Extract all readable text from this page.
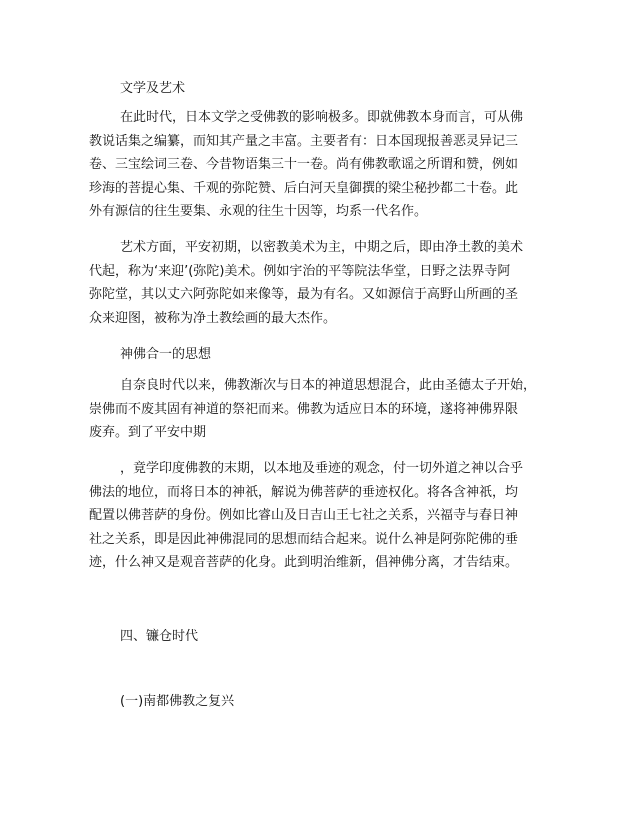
文学及艺术
在此时代，日本文学之受佛教的影响极多。即就佛教本身而言，可从佛
教说话集之编纂，而知其产量之丰富。主要者有：日本国现报善恶灵异记三
卷、三宝绘词三卷、今昔物语集三十一卷。尚有佛教歌谣之所谓和赞，例如
珍海的菩提心集、千观的弥陀赞、后白河天皇御撰的梁尘秘抄都二十卷。此
外有源信的往生要集、永观的往生十因等，均系一代名作。
艺术方面，平安初期，以密教美术为主，中期之后，即由净土教的美术
代起，称为‘来迎’(弥陀)美术。例如宇治的平等院法华堂，日野之法界寺阿
弥陀堂，其以丈六阿弥陀如来像等，最为有名。又如源信于高野山所画的圣
众来迎图，被称为净土教绘画的最大杰作。
神佛合一的思想
自奈良时代以来，佛教渐次与日本的神道思想混合，此由圣德太子开始，
崇佛而不废其固有神道的祭祀而来。佛教为适应日本的环境，遂将神佛界限
废弃。到了平安中期
，竟学印度佛教的末期，以本地及垂迹的观念，付一切外道之神以合乎
佛法的地位，而将日本的神祇，解说为佛菩萨的垂迹权化。将各含神祇，均
配置以佛菩萨的身份。例如比睿山及日吉山王七社之关系，兴福寺与春日神
社之关系，即是因此神佛混同的思想而结合起来。说什么神是阿弥陀佛的垂
迹，什么神又是观音菩萨的化身。此到明治维新，倡神佛分离，才告结束。
四、镰仓时代
(一)南都佛教之复兴
